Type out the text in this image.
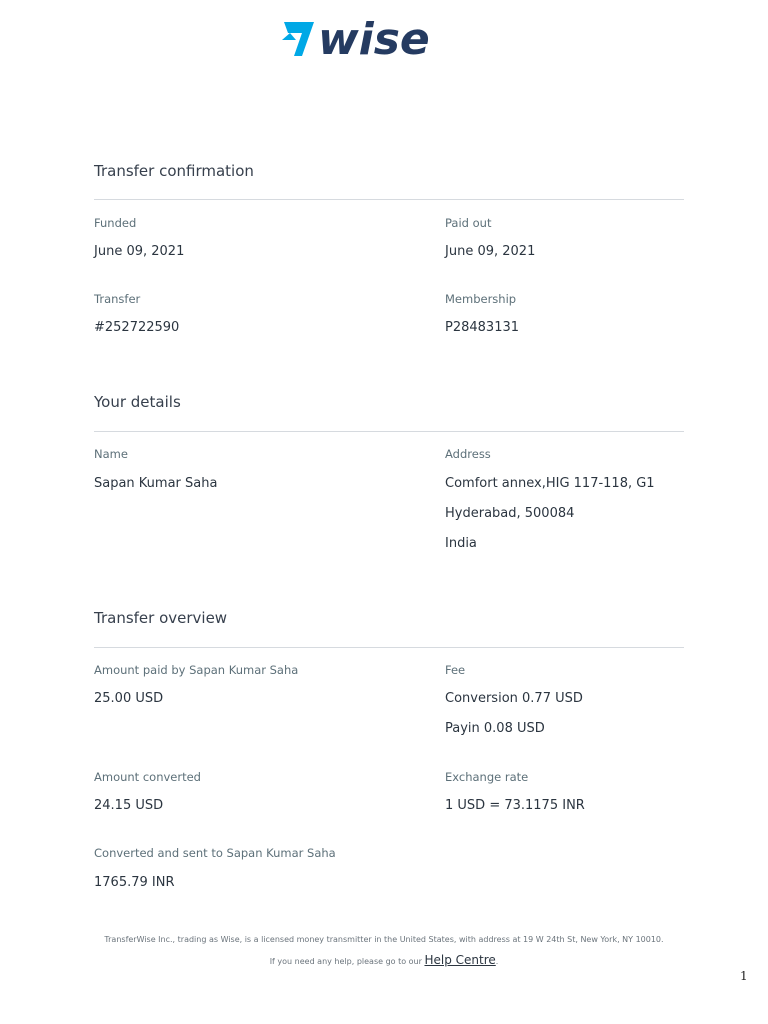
wise
Transfer confirmation
Funded
June 09, 2021
Paid out
June 09, 2021
Transfer
#252722590
Membership
P28483131
Your details
Name
Sapan Kumar Saha
Address
Comfort annex,HIG 117-118, G1
Hyderabad, 500084
India
Transfer overview
Amount paid by Sapan Kumar Saha
25.00 USD
Fee
Conversion 0.77 USD
Payin 0.08 USD
Amount converted
24.15 USD
Exchange rate
1 USD = 73.1175 INR
Converted and sent to Sapan Kumar Saha
1765.79 INR
TransferWise Inc., trading as Wise, is a licensed money transmitter in the United States, with address at 19 W 24th St, New York, NY 10010.
If you need any help, please go to our Help Centre.
1
